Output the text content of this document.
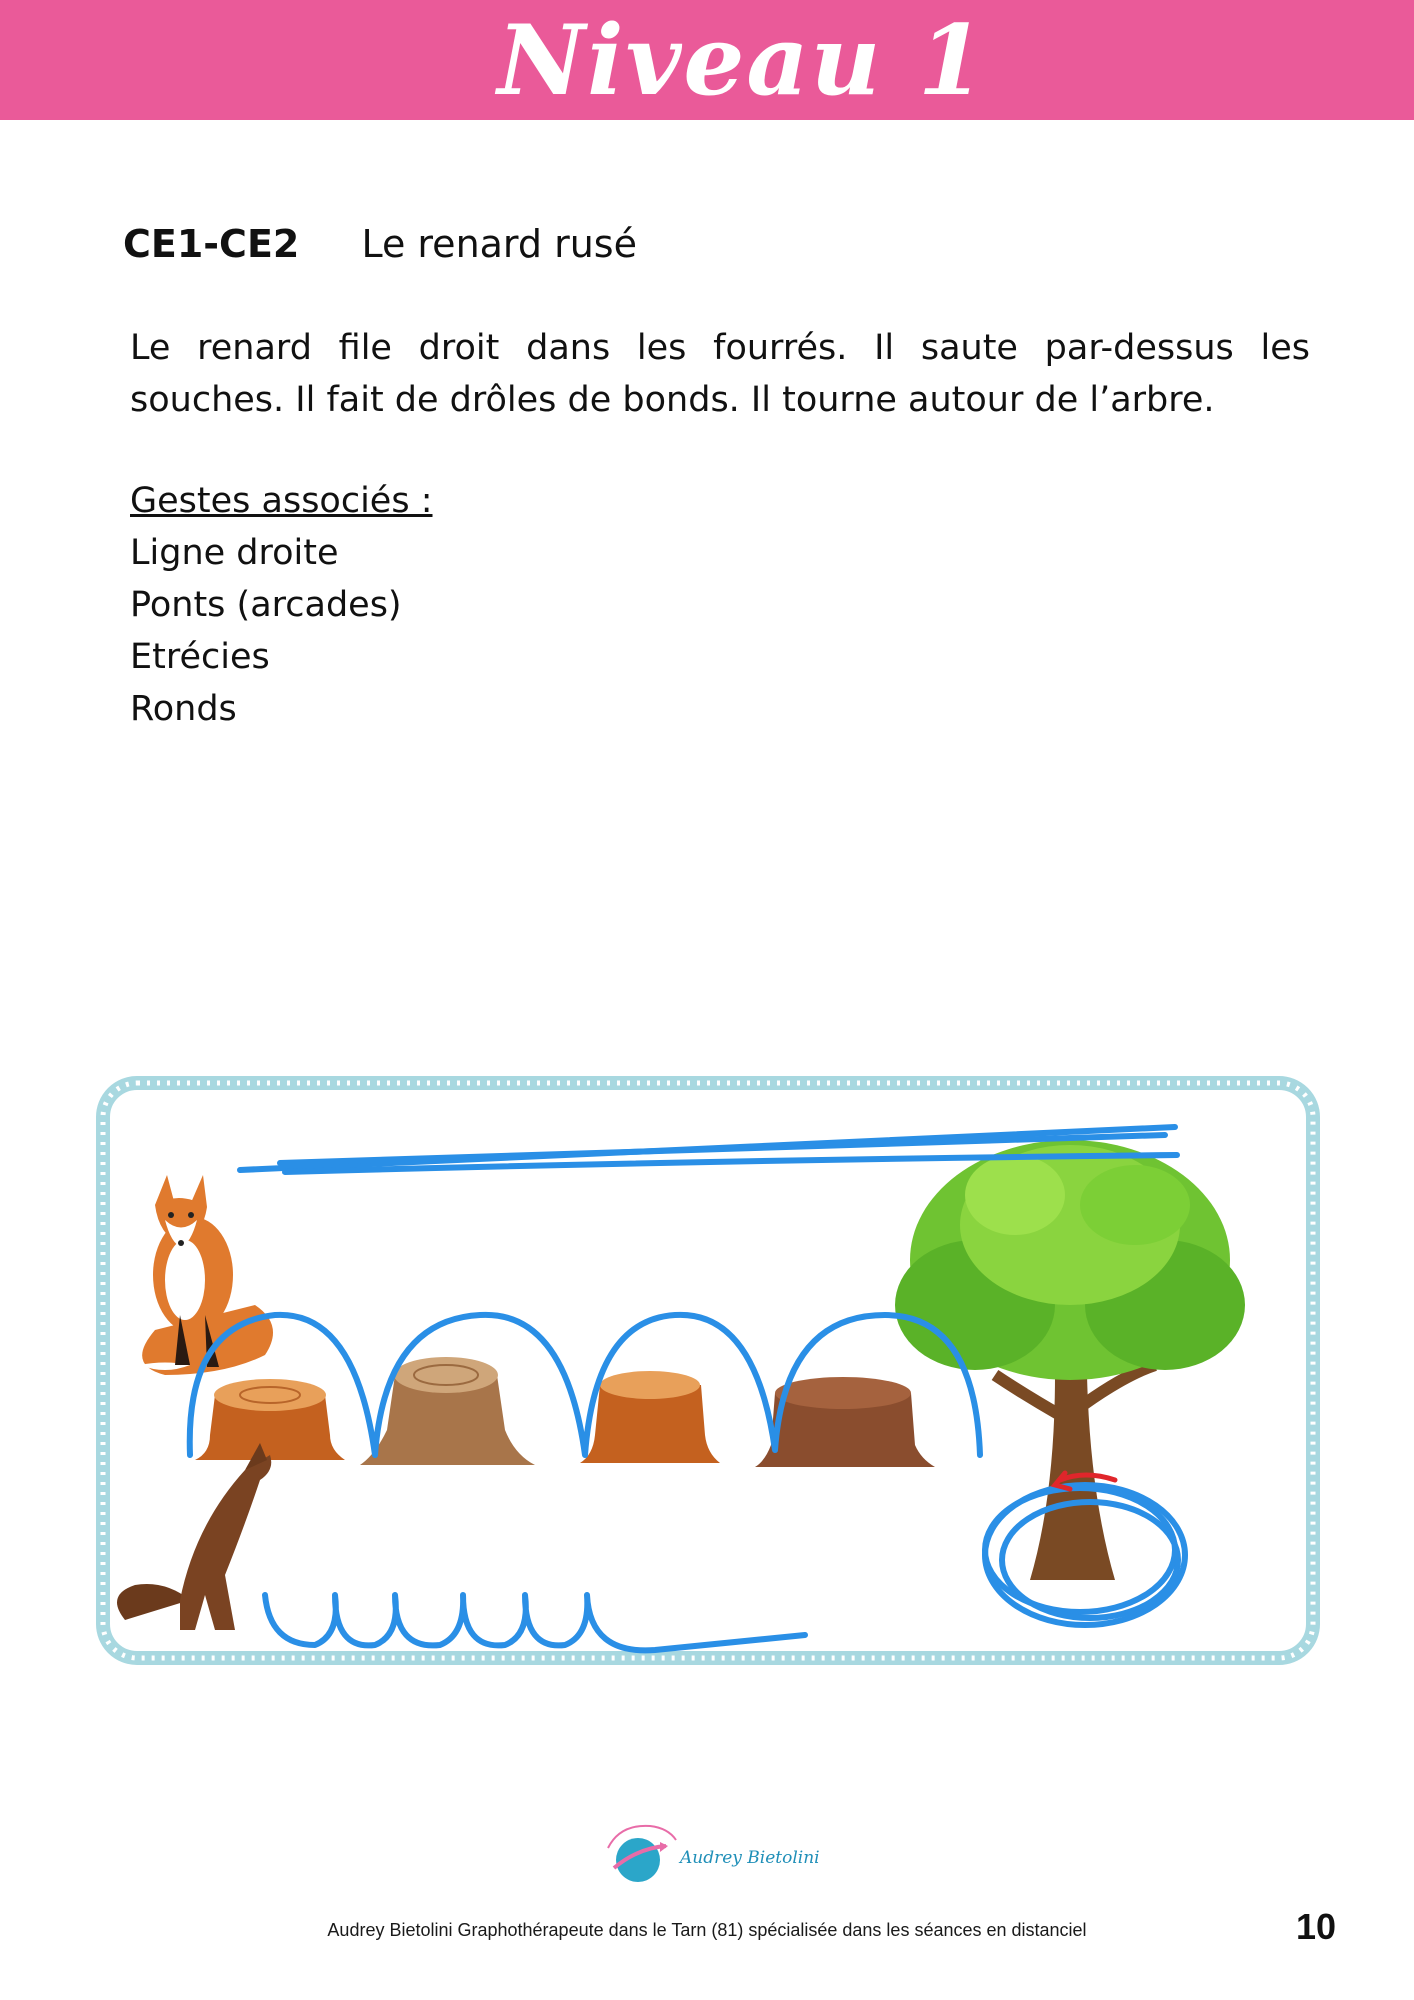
Niveau 1
CE1-CE2 Le renard rusé

Le renard file droit dans les fourrés. Il saute par-dessus les souches. Il fait de drôles de bonds. Il tourne autour de l’arbre.

Gestes associés :
Ligne droite
Ponts (arcades)
Etrécies
Ronds
Audrey Bietolini
Audrey Bietolini Graphothérapeute dans le Tarn (81) spécialisée dans les séances en distanciel	10
